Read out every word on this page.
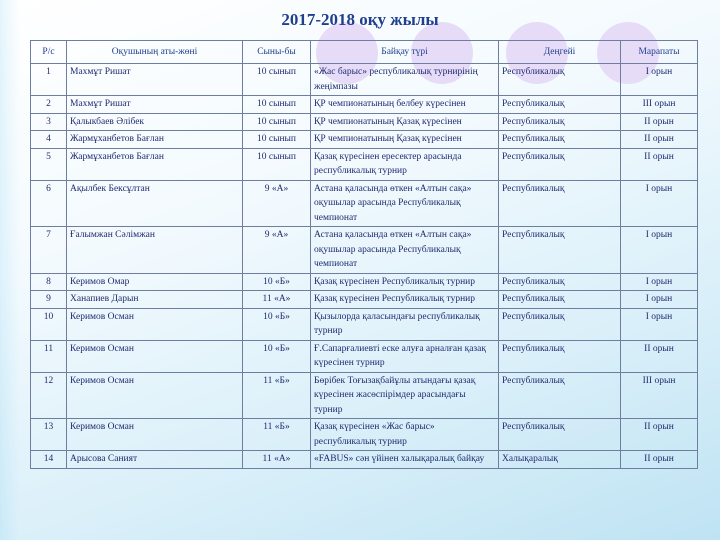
2017-2018 оқу жылы
Р/с	Оқушының аты-жөні	Сыны-бы	Байқау түрі	Деңгейі	Марапаты
1	Махмұт Ришат	10 сынып	«Жас барыс» республикалық турнирінің жеңімпазы	Республикалық	І орын
2	Махмұт Ришат	10 сынып	ҚР чемпионатының белбеу күресінен	Республикалық	ІІІ орын
3	Қалыкбаев Әлібек	10 сынып	ҚР чемпионатының Қазақ күресінен	Республикалық	ІІ орын
4	Жармұханбетов Бағлан	10 сынып	ҚР чемпионатының Қазақ күресінен	Республикалық	ІІ орын
5	Жармұханбетов Бағлан	10 сынып	Қазақ күресінен ересектер арасында республикалық турнир	Республикалық	ІІ орын
6	Ақылбек Бексұлтан	9 «А»	Астана қаласында өткен «Алтын сақа» оқушылар арасында Республикалық чемпионат	Республикалық	І орын
7	Ғалымжан Сәлімжан	9 «А»	Астана қаласында өткен «Алтын сақа» оқушылар арасында Республикалық чемпионат	Республикалық	І орын
8	Керимов Омар	10 «Б»	Қазақ күресінен Республикалық турнир	Республикалық	І орын
9	Ханапиев Дарын	11 «А»	Қазақ күресінен Республикалық турнир	Республикалық	І орын
10	Керимов Осман	10 «Б»	Қызылорда қаласындағы республикалық турнир	Республикалық	І орын
11	Керимов Осман	10 «Б»	Ғ.Сапарғалиевті еске алуға арналған қазақ күресінен турнир	Республикалық	ІІ орын
12	Керимов Осман	11 «Б»	Бөрібек Тоғызақбайұлы атындағы қазақ күресінен жасөспірімдер арасындағы турнир	Республикалық	ІІІ орын
13	Керимов Осман	11 «Б»	Қазақ күресінен «Жас барыс» республикалық турнир	Республикалық	ІІ орын
14	Арысова Саният	11 «А»	«FABUS» сән үйінен халықаралық байқау	Халықаралық	ІІ орын
